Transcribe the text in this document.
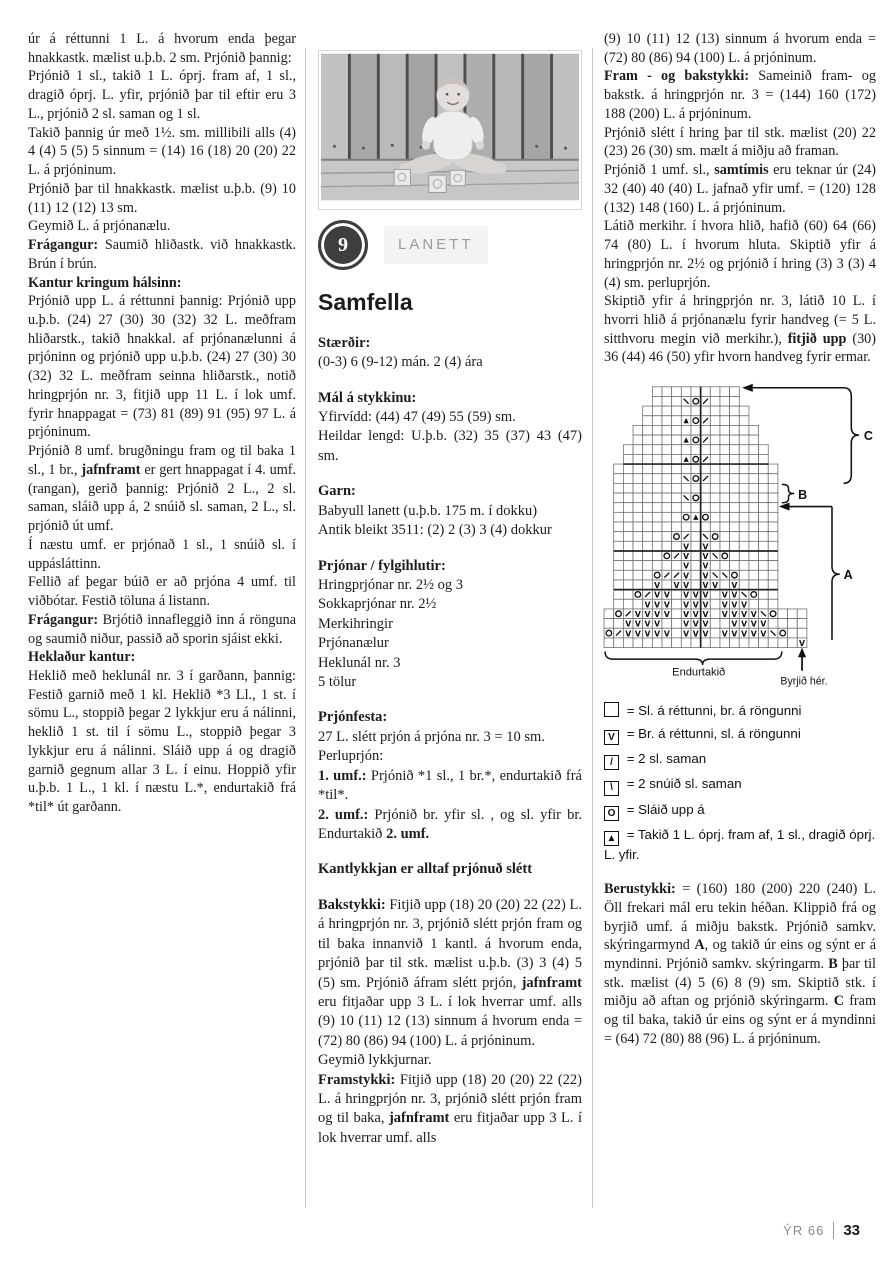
úr á réttunni 1 L. á hvorum enda þegar hnakkastk. mælist u.þ.b. 2 sm. Prjónið þannig:

Prjónið 1 sl., takið 1 L. óprj. fram af, 1 sl., dragið óprj. L. yfir, prjónið þar til eftir eru 3 L., prjónið 2 sl. saman og 1 sl.

Takið þannig úr með 1½. sm. millibili alls (4) 4 (4) 5 (5) 5 sinnum = (14) 16 (18) 20 (20) 22 L. á prjóninum.

Prjónið þar til hnakkastk. mælist u.þ.b. (9) 10 (11) 12 (12) 13 sm.

Geymið L. á prjónanælu.

Frágangur: Saumið hliðastk. við hnakkastk. Brún í brún.

Kantur kringum hálsinn:

Prjónið upp L. á réttunni þannig: Prjónið upp u.þ.b. (24) 27 (30) 30 (32) 32 L. meðfram hliðarstk., takið hnakkal. af prjónanælunni á prjóninn og prjónið upp u.þ.b. (24) 27 (30) 30 (32) 32 L. meðfram seinna hliðarstk., notið hringprjón nr. 3, fitjið upp 11 L. í lok umf. fyrir hnappagat = (73) 81 (89) 91 (95) 97 L. á prjóninum.

Prjónið 8 umf. brugðningu fram og til baka 1 sl., 1 br., jafnframt er gert hnappagat í 4. umf. (rangan), gerið þannig: Prjónið 2 L., 2 sl. saman, sláið upp á, 2 snúið sl. saman, 2 L., sl. prjónið út umf.

Í næstu umf. er prjónað 1 sl., 1 snúið sl. í uppásláttinn.

Fellið af þegar búið er að prjóna 4 umf. til viðbótar. Festið töluna á listann.

Frágangur: Brjótið innafleggið inn á rönguna og saumið niður, passið að sporin sjáist ekki.

Heklaður kantur:

Heklið með heklunál nr. 3 í garðann, þannig: Festið garnið með 1 kl. Heklið *3 Ll., 1 st. í sömu L., stoppið þegar 2 lykkjur eru á nálinni, heklið 1 st. til í sömu L., stoppið þegar 3 lykkjur eru á nálinni. Sláið upp á og dragið garnið gegnum allar 3 L. í einu. Hoppið yfir u.þ.b. 1 L., 1 kl. í næstu L.*, endurtakið frá *til* út garðann.

9	LANETT

Samfella

Stærðir:

(0-3) 6 (9-12) mán. 2 (4) ára

Mál á stykkinu:

Yfirvídd: (44) 47 (49) 55 (59) sm.

Heildar lengd: U.þ.b. (32) 35 (37) 43 (47) sm.

Garn:

Babyull lanett (u.þ.b. 175 m. í dokku)

Antik bleikt 3511: (2) 2 (3) 3 (4) dokkur

Prjónar / fylgihlutir:

Hringprjónar nr. 2½ og 3

Sokkaprjónar nr. 2½

Merkihringir

Prjónanælur

Heklunál nr. 3

5 tölur

Prjónfesta:

27 L. slétt prjón á prjóna nr. 3 = 10 sm.

Perluprjón:

1. umf.: Prjónið *1 sl., 1 br.*, endurtakið frá *til*.

2. umf.: Prjónið br. yfir sl. , og sl. yfir br. Endurtakið 2. umf.

Kantlykkjan er alltaf prjónuð slétt

Bakstykki: Fitjið upp (18) 20 (20) 22 (22) L. á hringprjón nr. 3, prjónið slétt prjón fram og til baka innanvið 1 kantl. á hvorum enda, prjónið þar til stk. mælist u.þ.b. (3) 3 (4) 5 (5) sm. Prjónið áfram slétt prjón, jafnframt eru fitjaðar upp 3 L. í lok hverrar umf. alls (9) 10 (11) 12 (13) sinnum á hvorum enda = (72) 80 (86) 94 (100) L. á prjóninum.

Geymið lykkjurnar.

Framstykki: Fitjið upp (18) 20 (20) 22 (22) L. á hringprjón nr. 3, prjónið slétt prjón fram og til baka, jafnframt eru fitjaðar upp 3 L. í lok hverrar umf. alls

(9) 10 (11) 12 (13) sinnum á hvorum enda = (72) 80 (86) 94 (100) L. á prjóninum.

Fram - og bakstykki: Sameinið fram- og bakstk. á hringprjón nr. 3 = (144) 160 (172) 188 (200) L. á prjóninum.

Prjónið slétt í hring þar til stk. mælist (20) 22 (23) 26 (30) sm. mælt á miðju að framan.

Prjónið 1 umf. sl., samtímis eru teknar úr (24) 32 (40) 40 (40) L. jafnað yfir umf. = (120) 128 (132) 148 (160) L. á prjóninum.

Látið merkihr. í hvora hlið, hafið (60) 64 (66) 74 (80) L. í hvorum hluta. Skiptið yfir á hringprjón nr. 2½ og prjónið í hring (3) 3 (3) 4 (4) sm. perluprjón.

Skiptið yfir á hringprjón nr. 3, látið 10 L. í hvorri hlið á prjónanælu fyrir handveg (= 5 L. sitthvoru megin við merkihr.), fitjið upp (30) 36 (44) 46 (50) yfir hvorn handveg fyrir ermar.

V V
V V
V V
V V
V V V V V V
V V V V V V V
V V V V V V V V V
V V V V V V V V V V V
V V V V	V V V	V V V V
V V V V V V V V V V V V V
V
C
B
A
Byrjið hér.
Endurtakið
= Sl. á réttunni, br. á röngunni
V = Br. á réttunni, sl. á röngunni
/ = 2 sl. saman
\ = 2 snúið sl. saman
O = Sláið upp á
▲ = Takið 1 L. óprj. fram af, 1 sl., dragið óprj. L. yfir.

Berustykki: = (160) 180 (200) 220 (240) L. Öll frekari mál eru tekin héðan. Klippið frá og byrjið umf. á miðju bakstk. Prjónið samkv. skýringarmynd A, og takið úr eins og sýnt er á myndinni. Prjónið samkv. skýringarm. B þar til stk. mælist (4) 5 (6) 8 (9) sm. Skiptið stk. í miðju að aftan og prjónið skýringarm. C fram og til baka, takið úr eins og sýnt er á myndinni = (64) 72 (80) 88 (96) L. á prjóninum.

ÝR 66 33
